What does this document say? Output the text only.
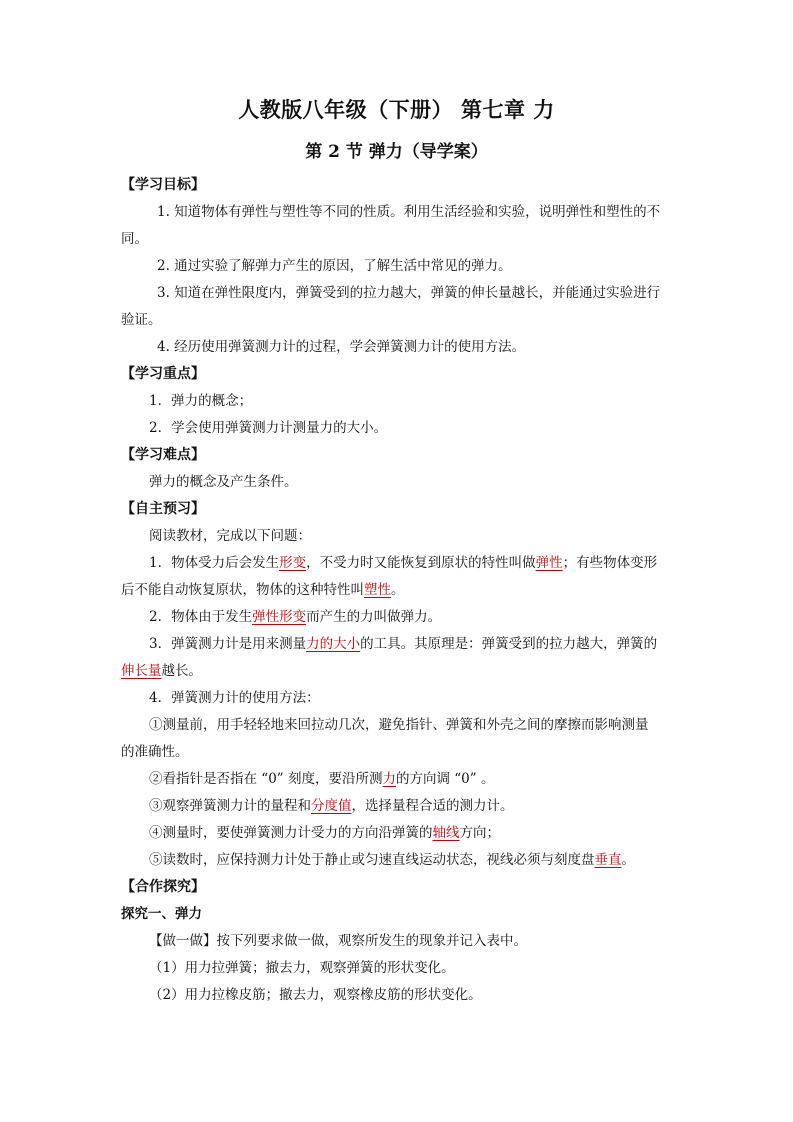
人教版八年级（下册） 第七章 力
第 2 节 弹力（导学案）
【学习目标】
1. 知道物体有弹性与塑性等不同的性质。利用生活经验和实验，说明弹性和塑性的不
同。
2. 通过实验了解弹力产生的原因，了解生活中常见的弹力。
3. 知道在弹性限度内，弹簧受到的拉力越大，弹簧的伸长量越长，并能通过实验进行
验证。
4. 经历使用弹簧测力计的过程，学会弹簧测力计的使用方法。
【学习重点】
1．弹力的概念；
2．学会使用弹簧测力计测量力的大小。
【学习难点】
弹力的概念及产生条件。
【自主预习】
阅读教材，完成以下问题：
1．物体受力后会发生形变，不受力时又能恢复到原状的特性叫做弹性；有些物体变形
后不能自动恢复原状，物体的这种特性叫塑性。
2．物体由于发生弹性形变而产生的力叫做弹力。
3．弹簧测力计是用来测量力的大小的工具。其原理是：弹簧受到的拉力越大，弹簧的
伸长量越长。
4．弹簧测力计的使用方法：
①测量前，用手轻轻地来回拉动几次，避免指针、弹簧和外壳之间的摩擦而影响测量
的准确性。
②看指针是否指在 “0” 刻度，要沿所测力的方向调 “0” 。
③观察弹簧测力计的量程和分度值，选择量程合适的测力计。
④测量时，要使弹簧测力计受力的方向沿弹簧的轴线方向；
⑤读数时，应保持测力计处于静止或匀速直线运动状态，视线必须与刻度盘垂直。
【合作探究】
探究一、弹力
【做一做】按下列要求做一做，观察所发生的现象并记入表中。
（1）用力拉弹簧；撤去力，观察弹簧的形状变化。
（2）用力拉橡皮筋；撤去力，观察橡皮筋的形状变化。
